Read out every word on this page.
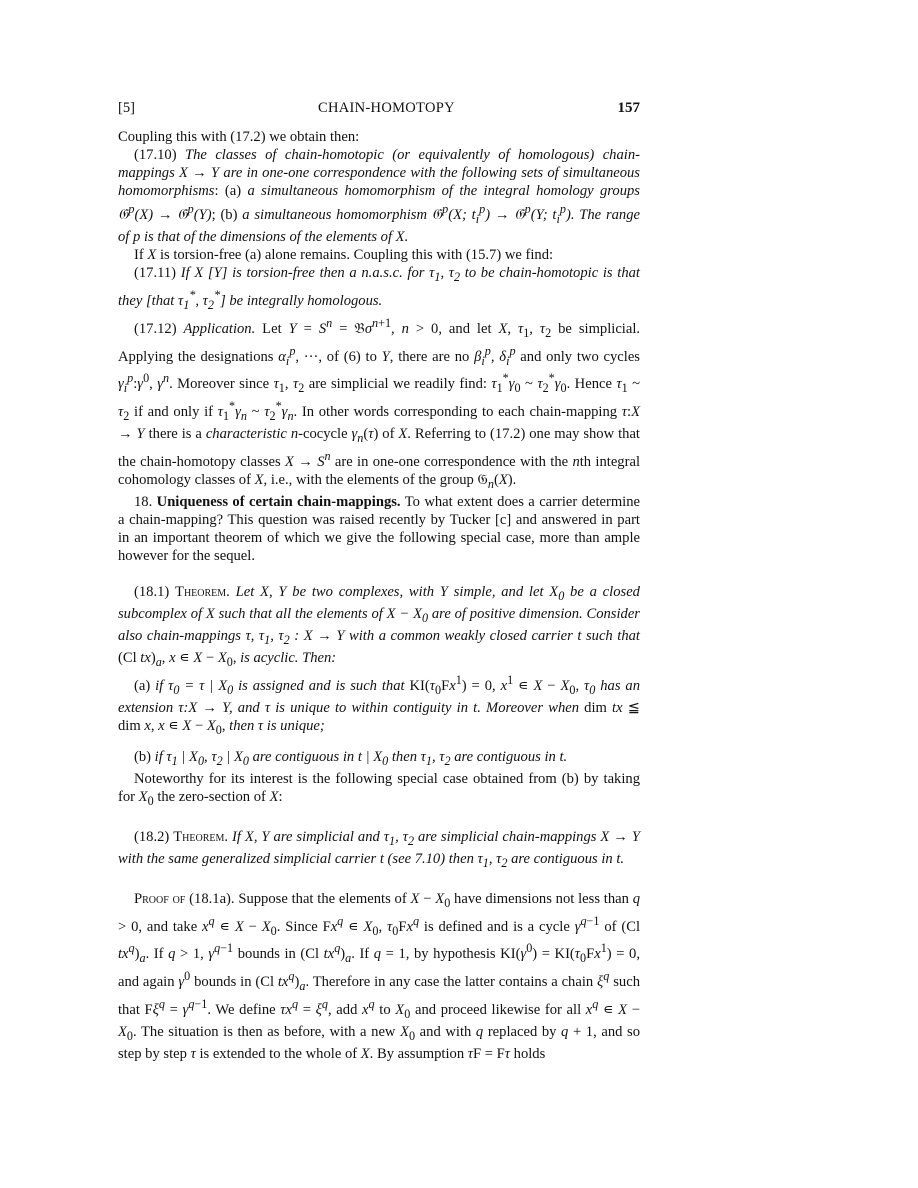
[5]	CHAIN-HOMOTOPY	157

Coupling this with (17.2) we obtain then:

(17.10) The classes of chain-homotopic (or equivalently of homologous) chain-mappings X → Y are in one-one correspondence with the following sets of simultaneous homomorphisms: (a) a simultaneous homomorphism of the integral homology groups 𝔊$^p$(X) → 𝔊$^p$(Y); (b) a simultaneous homomorphism 𝔊$^p$(X; $t_i^p$) → 𝔊$^p$(Y; $t_i^p$). The range of p is that of the dimensions of the elements of X.

If X is torsion-free (a) alone remains. Coupling this with (15.7) we find:

(17.11) If X [Y] is torsion-free then a n.a.s.c. for $\tau_1$, $\tau_2$ to be chain-homotopic is that they [that $\tau_1^*$, $\tau_2^*$] be integrally homologous.

(17.12) Application. Let $Y = S^n$ = 𝔅σ$^{n+1}$, n > 0, and let X, $\tau_1$, $\tau_2$ be simplicial. Applying the designations $\alpha_i^p$, ···, of (6) to Y, there are no $\beta_i^p$, $\delta_i^p$ and only two cycles $\gamma_i^p:\gamma^0$, $\gamma^n$. Moreover since $\tau_1$, $\tau_2$ are simplicial we readily find: $\tau_1^*\gamma_0$ ~ $\tau_2^*\gamma_0$. Hence $\tau_1$ ~ $\tau_2$ if and only if $\tau_1^*\gamma_n$ ~ $\tau_2^*\gamma_n$. In other words corresponding to each chain-mapping τ:X → Y there is a characteristic n-cocycle $\gamma_n(\tau)$ of X. Referring to (17.2) one may show that the chain-homotopy classes $X \to S^n$ are in one-one correspondence with the nth integral cohomology classes of X, i.e., with the elements of the group 𝔊$_n$(X).

18. Uniqueness of certain chain-mappings. To what extent does a carrier determine a chain-mapping? This question was raised recently by Tucker [c] and answered in part in an important theorem of which we give the following special case, more than ample however for the sequel.

(18.1) Theorem. Let X, Y be two complexes, with Y simple, and let $X_0$ be a closed subcomplex of X such that all the elements of $X - X_0$ are of positive dimension. Consider also chain-mappings τ, $\tau_1$, $\tau_2$ : X → Y with a common weakly closed carrier t such that (Cl $tx)_a$, x ∊ $X - X_0$, is acyclic. Then:

(a) if $\tau_0 = \tau$ | $X_0$ is assigned and is such that $KI(\tau_0Fx^1) = 0$, $x^1$ ∊ $X - X_0$, $\tau_0$ has an extension τ:X → Y, and τ is unique to within contiguity in t. Moreover when dim tx ≦ dim x, x ∊ $X - X_0$, then τ is unique;

(b) if $\tau_1$ | $X_0$, $\tau_2$ | $X_0$ are contiguous in t | $X_0$ then $\tau_1$, $\tau_2$ are contiguous in t.

Noteworthy for its interest is the following special case obtained from (b) by taking for $X_0$ the zero-section of X:

(18.2) Theorem. If X, Y are simplicial and $\tau_1$, $\tau_2$ are simplicial chain-mappings X → Y with the same generalized simplicial carrier t (see 7.10) then $\tau_1$, $\tau_2$ are contiguous in t.

Proof of (18.1a). Suppose that the elements of $X - X_0$ have dimensions not less than q > 0, and take $x^q$ ∊ $X - X_0$. Since Fx$^q$ ∊ $X_0$, $\tau_0Fx^q$ is defined and is a cycle $\gamma^{q-1}$ of (Cl $tx^q)_a$. If q > 1, $\gamma^{q-1}$ bounds in (Cl $tx^q)_a$. If q = 1, by hypothesis $KI(\gamma^0) = KI(\tau_0Fx^1) = 0$, and again $\gamma^0$ bounds in (Cl $tx^q)_a$. Therefore in any case the latter contains a chain $\xi^q$ such that $F\xi^q = \gamma^{q-1}$. We define $\tau x^q = \xi^q$, add $x^q$ to $X_0$ and proceed likewise for all $x^q$ ∊ $X - X_0$. The situation is then as before, with a new $X_0$ and with q replaced by q + 1, and so step by step τ is extended to the whole of X. By assumption τF = Fτ holds
